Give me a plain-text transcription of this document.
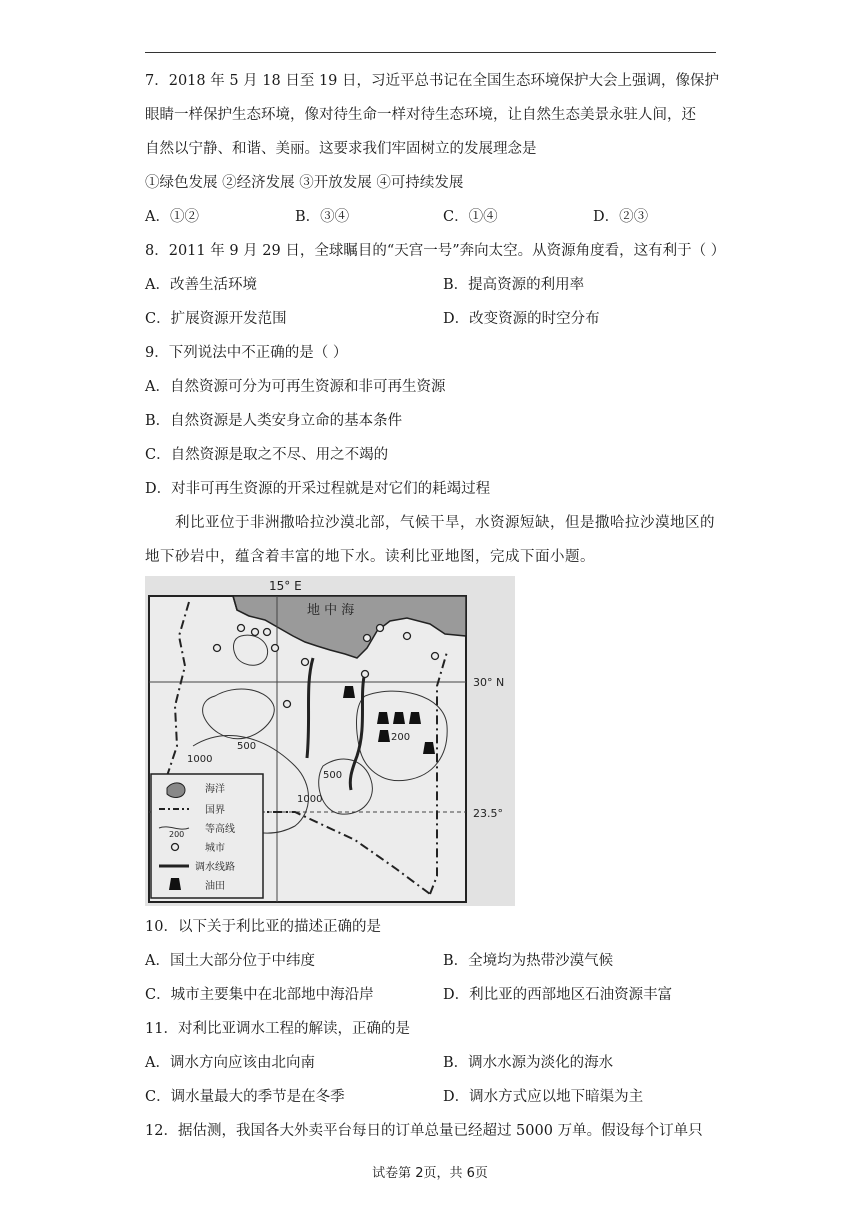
7．2018 年 5 月 18 日至 19 日，习近平总书记在全国生态环境保护大会上强调，像保护
眼睛一样保护生态环境，像对待生命一样对待生态环境，让自然生态美景永驻人间，还
自然以宁静、和谐、美丽。这要求我们牢固树立的发展理念是
①绿色发展 ②经济发展 ③开放发展 ④可持续发展
A．①②	B．③④	C．①④	D．②③
8．2011 年 9 月 29 日，全球瞩目的“天宫一号”奔向太空。从资源角度看，这有利于（ ）
A．改善生活环境	B．提高资源的利用率
C．扩展资源开发范围	D．改变资源的时空分布
9．下列说法中不正确的是（ ）
A．自然资源可分为可再生资源和非可再生资源
B．自然资源是人类安身立命的基本条件
C．自然资源是取之不尽、用之不竭的
D．对非可再生资源的开采过程就是对它们的耗竭过程
利比亚位于非洲撒哈拉沙漠北部，气候干旱，水资源短缺，但是撒哈拉沙漠地区的
地下砂岩中，蕴含着丰富的地下水。读利比亚地图，完成下面小题。
15° E
地 中 海
30° N
23.5°
500
1000
200
500
1000
海洋
国界
200 等高线
城市
调水线路
油田
10．以下关于利比亚的描述正确的是
A．国土大部分位于中纬度	B．全境均为热带沙漠气候
C．城市主要集中在北部地中海沿岸	D．利比亚的西部地区石油资源丰富
11．对利比亚调水工程的解读，正确的是
A．调水方向应该由北向南	B．调水水源为淡化的海水
C．调水量最大的季节是在冬季	D．调水方式应以地下暗渠为主
12．据估测，我国各大外卖平台每日的订单总量已经超过 5000 万单。假设每个订单只
试卷第 2页，共 6页
